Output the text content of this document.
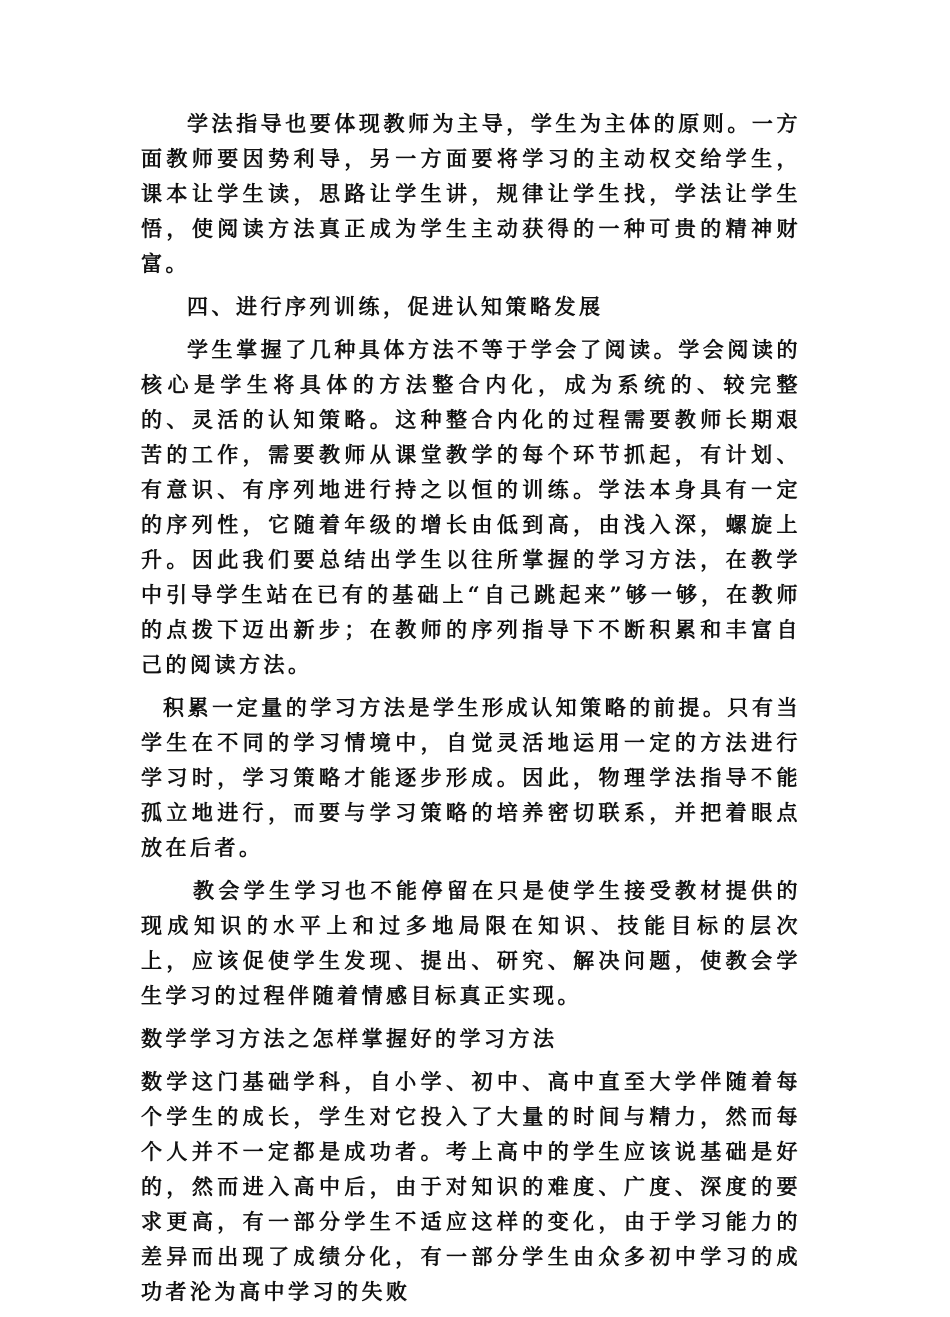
学法指导也要体现教师为主导，学生为主体的原则。一方面教师要因势利导，另一方面要将学习的主动权交给学生，课本让学生读，思路让学生讲，规律让学生找，学法让学生悟，使阅读方法真正成为学生主动获得的一种可贵的精神财富。

四、进行序列训练，促进认知策略发展

学生掌握了几种具体方法不等于学会了阅读。学会阅读的核心是学生将具体的方法整合内化，成为系统的、较完整的、灵活的认知策略。这种整合内化的过程需要教师长期艰苦的工作，需要教师从课堂教学的每个环节抓起，有计划、有意识、有序列地进行持之以恒的训练。学法本身具有一定的序列性，它随着年级的增长由低到高，由浅入深，螺旋上升。因此我们要总结出学生以往所掌握的学习方法，在教学中引导学生站在已有的基础上“自己跳起来”够一够，在教师的点拨下迈出新步；在教师的序列指导下不断积累和丰富自己的阅读方法。

积累一定量的学习方法是学生形成认知策略的前提。只有当学生在不同的学习情境中，自觉灵活地运用一定的方法进行学习时，学习策略才能逐步形成。因此，物理学法指导不能孤立地进行，而要与学习策略的培养密切联系，并把着眼点放在后者。

教会学生学习也不能停留在只是使学生接受教材提供的现成知识的水平上和过多地局限在知识、技能目标的层次上，应该促使学生发现、提出、研究、解决问题，使教会学生学习的过程伴随着情感目标真正实现。

数学学习方法之怎样掌握好的学习方法

数学这门基础学科，自小学、初中、高中直至大学伴随着每个学生的成长，学生对它投入了大量的时间与精力，然而每个人并不一定都是成功者。考上高中的学生应该说基础是好的，然而进入高中后，由于对知识的难度、广度、深度的要求更高，有一部分学生不适应这样的变化，由于学习能力的差异而出现了成绩分化，有一部分学生由众多初中学习的成功者沦为高中学习的失败
